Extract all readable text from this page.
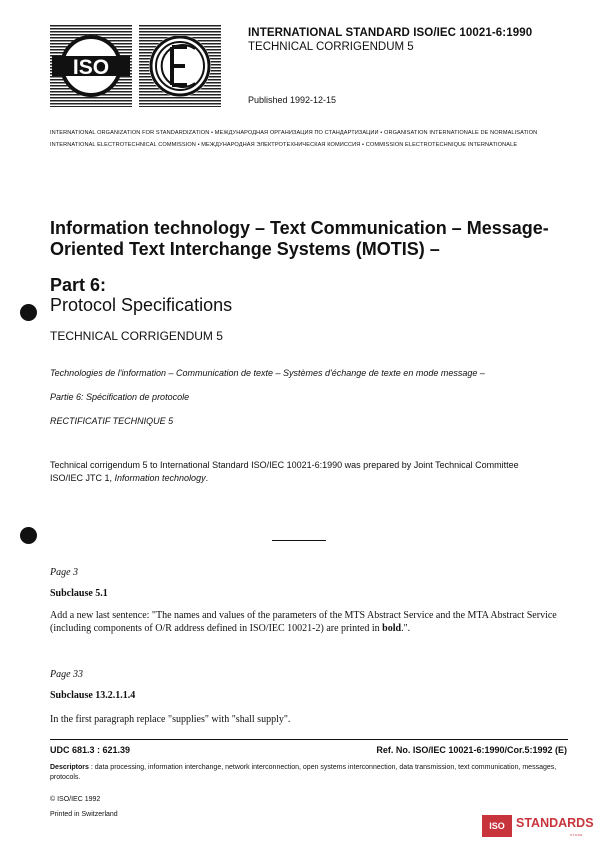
ISO
INTERNATIONAL STANDARD ISO/IEC 10021-6:1990
TECHNICAL CORRIGENDUM 5
Published 1992-12-15
INTERNATIONAL ORGANIZATION FOR STANDARDIZATION • МЕЖДУНАРОДНАЯ ОРГАНИЗАЦИЯ ПО СТАНДАРТИЗАЦИИ • ORGANISATION INTERNATIONALE DE NORMALISATION
INTERNATIONAL ELECTROTECHNICAL COMMISSION • МЕЖДУНАРОДНАЯ ЭЛЕКТРОТЕХНИЧЕСКАЯ КОМИССИЯ • COMMISSION ELECTROTECHNIQUE INTERNATIONALE
Information technology – Text Communication – Message-Oriented Text Interchange Systems (MOTIS) –
Part 6:
Protocol Specifications
TECHNICAL CORRIGENDUM 5
Technologies de l'information – Communication de texte – Systèmes d'échange de texte en mode message –
Partie 6: Spécification de protocole
RECTIFICATIF TECHNIQUE 5
Technical corrigendum 5 to International Standard ISO/IEC 10021-6:1990 was prepared by Joint Technical Committee ISO/IEC JTC 1, Information technology.
Page 3
Subclause 5.1
Add a new last sentence: "The names and values of the parameters of the MTS Abstract Service and the MTA Abstract Service (including components of O/R address defined in ISO/IEC 10021-2) are printed in bold.".
Page 33
Subclause 13.2.1.1.4
In the first paragraph replace "supplies" with "shall supply".
UDC 681.3 : 621.39	Ref. No. ISO/IEC 10021-6:1990/Cor.5:1992 (E)
Descriptors : data processing, information interchange, network interconnection, open systems interconnection, data transmission, text communication, messages, protocols.
© ISO/IEC 1992
Printed in Switzerland
ISO STANDARDS
STORE
